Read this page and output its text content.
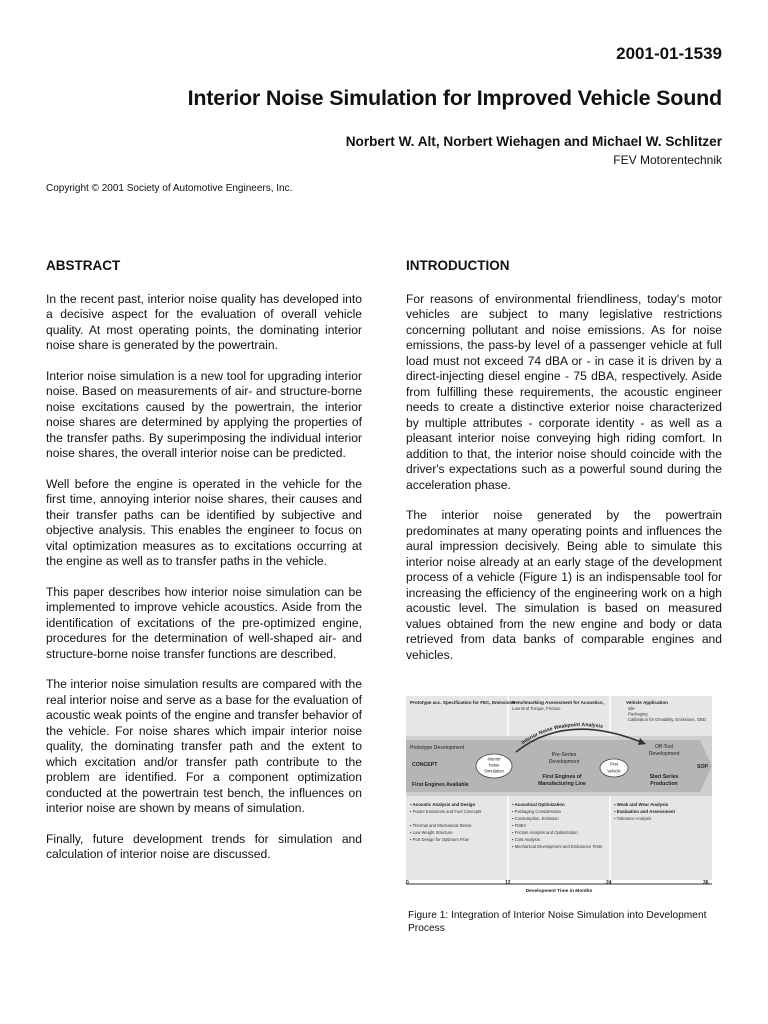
2001-01-1539
Interior Noise Simulation for Improved Vehicle Sound
Norbert W. Alt, Norbert Wiehagen and Michael W. Schlitzer
FEV Motorentechnik
Copyright © 2001 Society of Automotive Engineers, Inc.
ABSTRACT

In the recent past, interior noise quality has developed into a decisive aspect for the evaluation of overall vehicle quality. At most operating points, the dominating interior noise share is generated by the powertrain.

Interior noise simulation is a new tool for upgrading interior noise. Based on measurements of air- and structure-borne noise excitations caused by the powertrain, the interior noise shares are determined by applying the properties of the transfer paths. By superimposing the individual interior noise shares, the overall interior noise can be predicted.

Well before the engine is operated in the vehicle for the first time, annoying interior noise shares, their causes and their transfer paths can be identified by subjective and objective analysis. This enables the engineer to focus on vital optimization measures as to excitations occurring at the engine as well as to transfer paths in the vehicle.

This paper describes how interior noise simulation can be implemented to improve vehicle acoustics. Aside from the identification of excitations of the pre-optimized engine, procedures for the determination of well-shaped air- and structure-borne noise transfer functions are described.

The interior noise simulation results are compared with the real interior noise and serve as a base for the evaluation of acoustic weak points of the engine and transfer behavior of the vehicle. For noise shares which impair interior noise quality, the dominating transfer path and the extent to which excitation and/or transfer path contribute to the problem are identified. For a component optimization conducted at the powertrain test bench, the influences on interior noise are shown by means of simulation.

Finally, future development trends for simulation and calculation of interior noise are discussed.

INTRODUCTION

For reasons of environmental friendliness, today's motor vehicles are subject to many legislative restrictions concerning pollutant and noise emissions. As for noise emissions, the pass-by level of a passenger vehicle at full load must not exceed 74 dBA or - in case it is driven by a direct-injecting diesel engine - 75 dBA, respectively. Aside from fulfilling these requirements, the acoustic engineer needs to create a distinctive exterior noise characterized by multiple attributes - corporate identity - as well as a pleasant interior noise conveying high riding comfort. In addition to that, the interior noise should coincide with the driver's expectations such as a powerful sound during the acceleration phase.

The interior noise generated by the powertrain predominates at many operating points and influences the aural impression decisively. Being able to simulate this interior noise already at an early stage of the development process of a vehicle (Figure 1) is an indispensable tool for increasing the efficiency of the engineering work on a high acoustic level. The simulation is based on measured values obtained from the new engine and body or data retrieved from data banks of comparable engines and vehicles.

Prototype acc. Specification for FEC, Emissions
Benchmarking Assessment for Acoustics,
Low End Torque, Friction
Vehicle Application
Idle
Packaging
Calibration for Drivability, Emissions, OBD
Interior Noise Weakpoint Analysis
Prototype Development
CONCEPT
First Engines Available
Interior
Noise
Simulation
Pre-Series
Development
First Engines of
Manufacturing Line
First
Vehicle
Off-Tool
Development
Start Series
Production
SOP
▪ Acoustic Analysis and Design
▪ Future Emissions and Fuel Concepts
▪ Thermal and Mechanical Stress
▪ Low Weight Structure
▪ Port Design for Optimum Flow
▪ Acoustical Optimization
▪ Packaging Consideration
▪ Consumption, Emission
▪ FMEA
▪ Friction Analysis and Optimization
▪ Cost Analysis
▪ Mechanical Development and Endurance Tests
▪ Weak and Wear Analysis
▪ Evaluation and Assessment
▪ Tolerance Analysis
0	12	24	36
Development Time in Months
Figure 1: Integration of Interior Noise Simulation into Development Process
